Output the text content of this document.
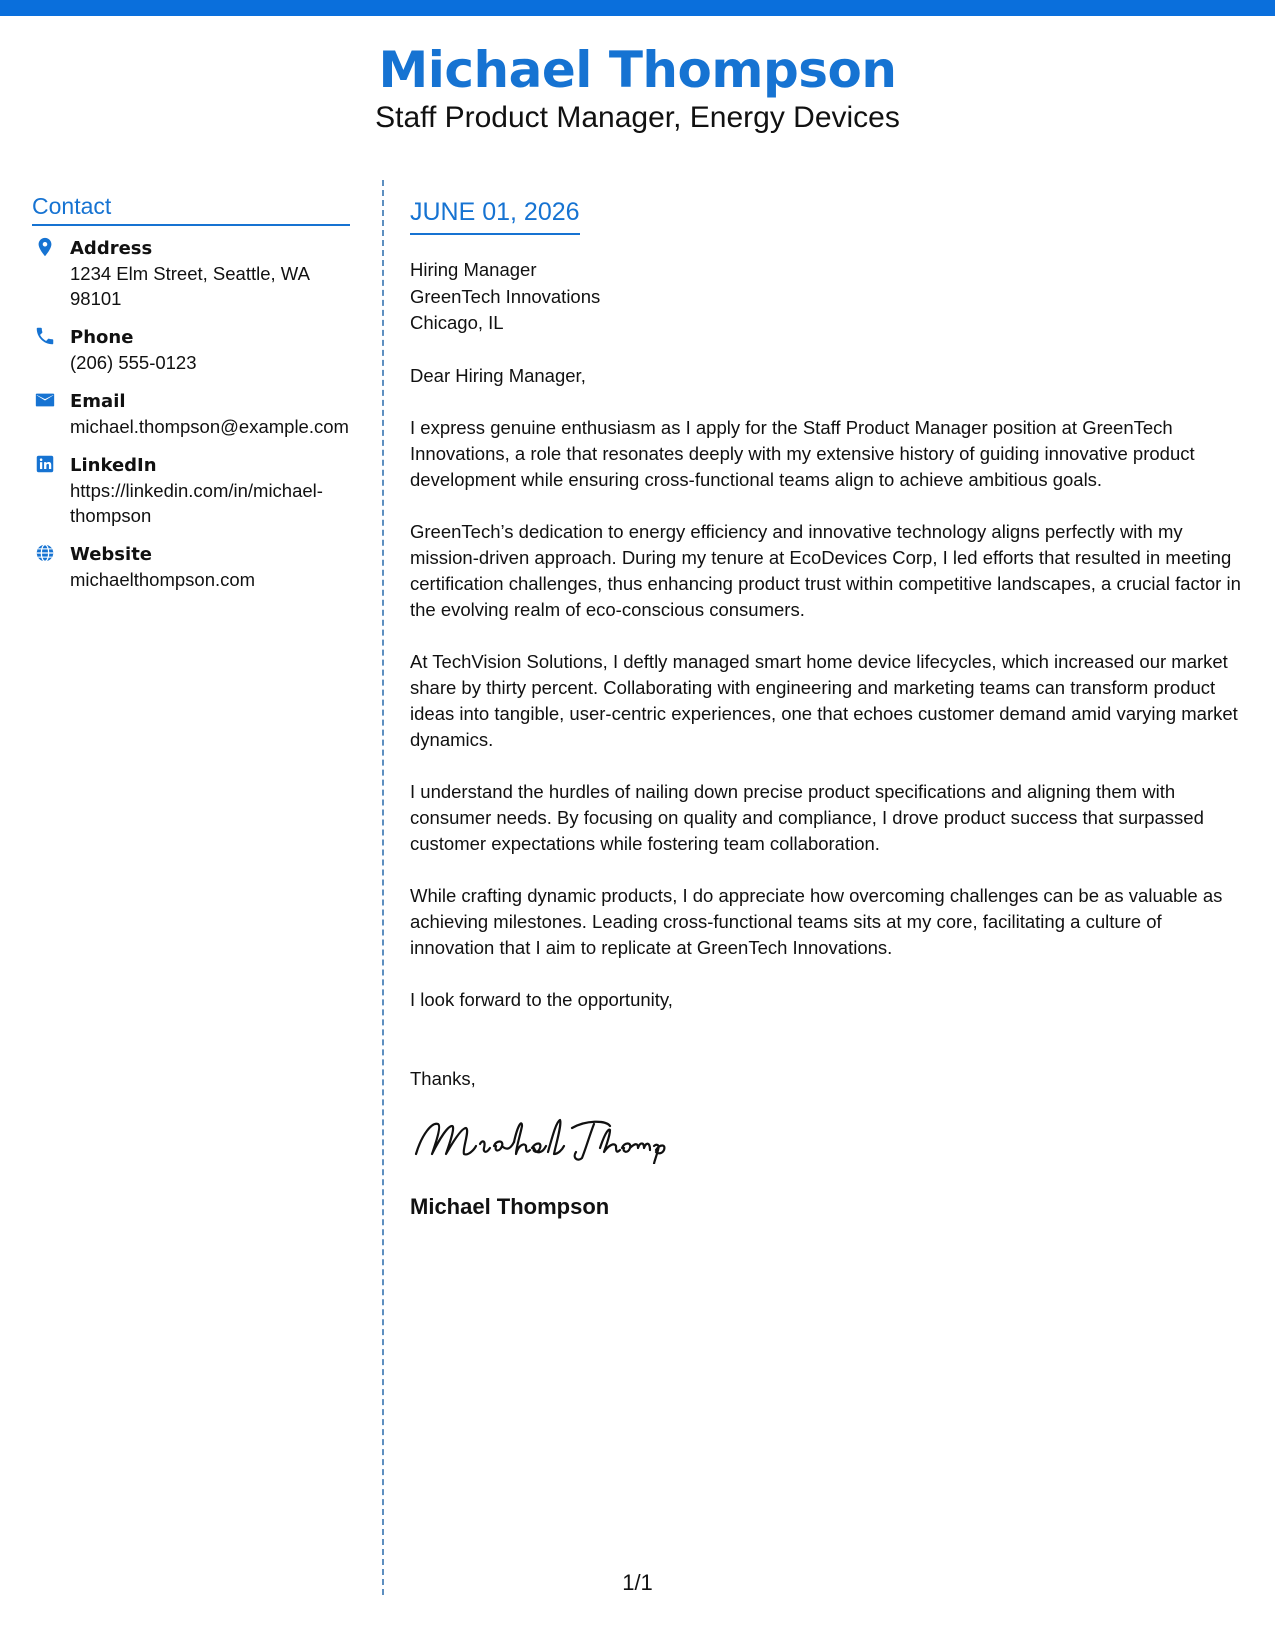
Michael Thompson
Staff Product Manager, Energy Devices
Contact
Address
1234 Elm Street, Seattle, WA 98101
Phone
(206) 555-0123
Email
michael.thompson@example.com
LinkedIn
https://linkedin.com/in/michael-thompson
Website
michaelthompson.com
JUNE 01, 2026
Hiring Manager
GreenTech Innovations
Chicago, IL
Dear Hiring Manager,
I express genuine enthusiasm as I apply for the Staff Product Manager position at GreenTech Innovations, a role that resonates deeply with my extensive history of guiding innovative product development while ensuring cross-functional teams align to achieve ambitious goals.
GreenTech’s dedication to energy efficiency and innovative technology aligns perfectly with my mission-driven approach. During my tenure at EcoDevices Corp, I led efforts that resulted in meeting certification challenges, thus enhancing product trust within competitive landscapes, a crucial factor in the evolving realm of eco-conscious consumers.
At TechVision Solutions, I deftly managed smart home device lifecycles, which increased our market share by thirty percent. Collaborating with engineering and marketing teams can transform product ideas into tangible, user-centric experiences, one that echoes customer demand amid varying market dynamics.
I understand the hurdles of nailing down precise product specifications and aligning them with consumer needs. By focusing on quality and compliance, I drove product success that surpassed customer expectations while fostering team collaboration.
While crafting dynamic products, I do appreciate how overcoming challenges can be as valuable as achieving milestones. Leading cross-functional teams sits at my core, facilitating a culture of innovation that I aim to replicate at GreenTech Innovations.
I look forward to the opportunity,
Thanks,
Michael Thompson
1/1
